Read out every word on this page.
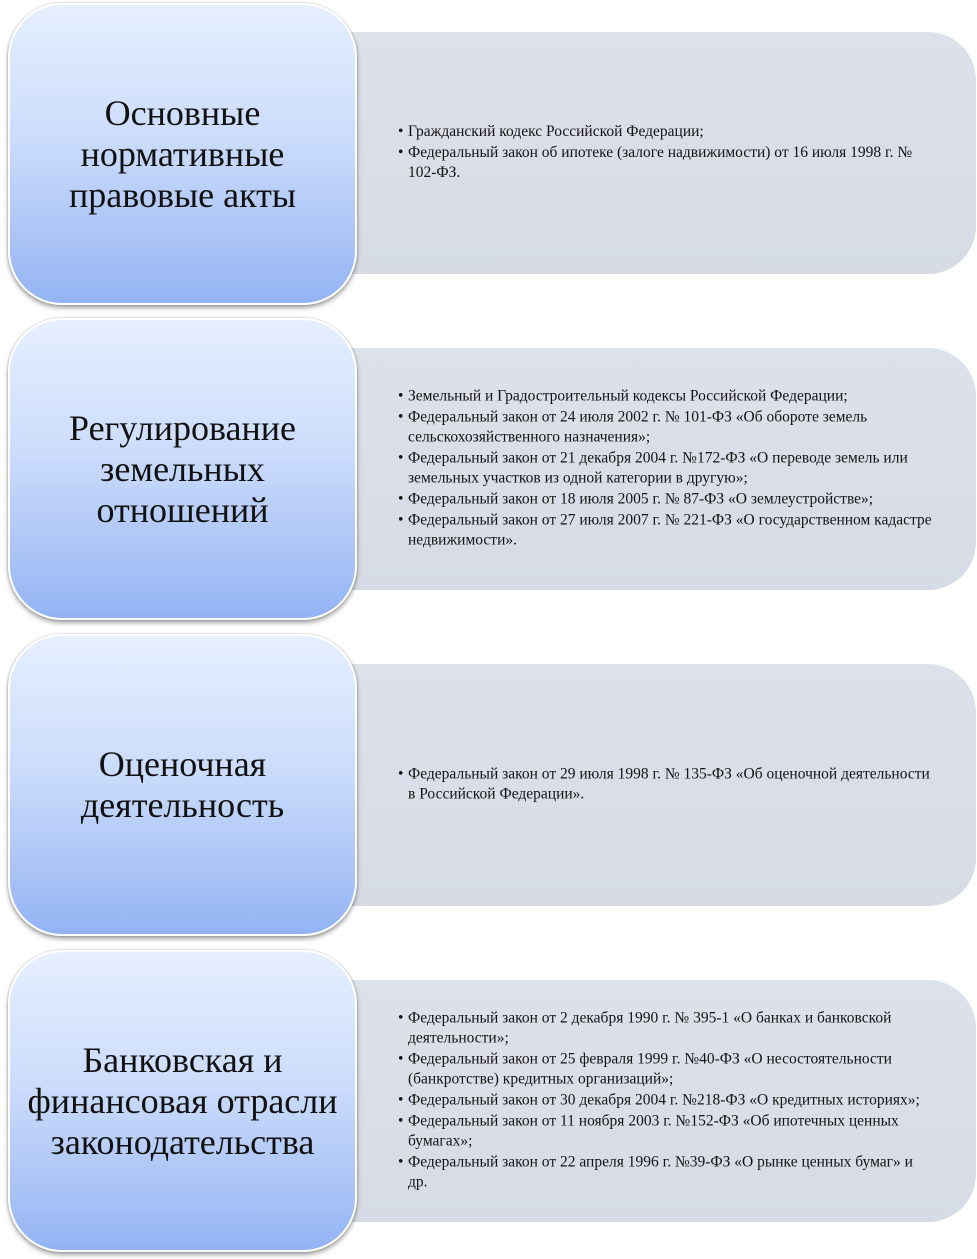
• Гражданский кодекс Российской Федерации;
• Федеральный закон об ипотеке (залоге надвижимости) от 16 июля 1998 г. № 102-ФЗ.
Основные нормативные правовые акты
• Земельный и Градостроительный кодексы Российской Федерации;
• Федеральный закон от 24 июля 2002 г. № 101-ФЗ «Об обороте земель сельскохозяйственного назначения»;
• Федеральный закон от 21 декабря 2004 г. №172-ФЗ «О переводе земель или земельных участков из одной категории в другую»;
• Федеральный закон от 18 июля 2005 г. № 87-ФЗ «О землеустройстве»;
• Федеральный закон от 27 июля 2007 г. № 221-ФЗ «О государственном кадастре недвижимости».
Регулирование земельных отношений
• Федеральный закон от 29 июля 1998 г. № 135-ФЗ «Об оценочной деятельности в Российской Федерации».
Оценочная деятельность
• Федеральный закон от 2 декабря 1990 г. № 395-1 «О банках и банковской деятельности»;
• Федеральный закон от 25 февраля 1999 г. №40-ФЗ «О несостоятельности (банкротстве) кредитных организаций»;
• Федеральный закон от 30 декабря 2004 г. №218-ФЗ «О кредитных историях»;
• Федеральный закон от 11 ноября 2003 г. №152-ФЗ «Об ипотечных ценных бумагах»;
• Федеральный закон от 22 апреля 1996 г. №39-ФЗ «О рынке ценных бумаг» и др.
Банковская и финансовая отрасли законодательства
